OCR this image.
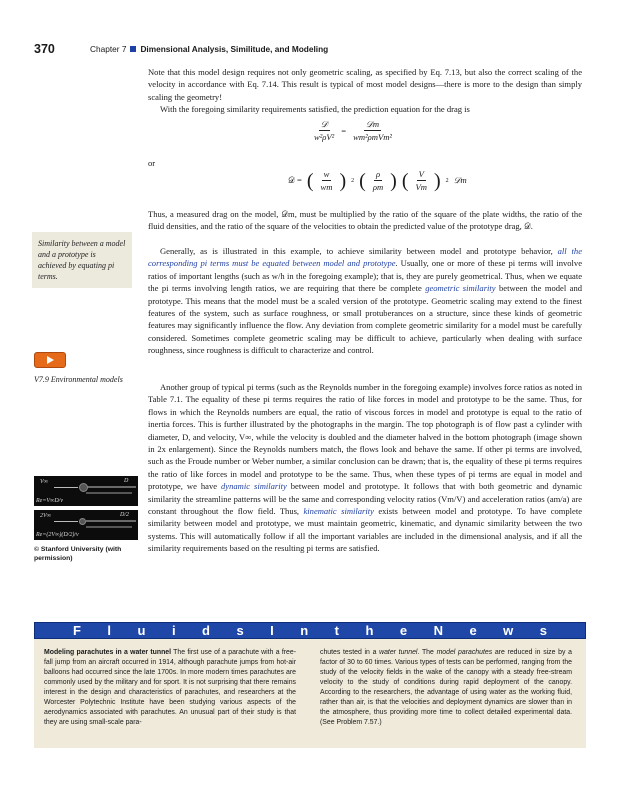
370	Chapter 7 Dimensional Analysis, Similitude, and Modeling

Note that this model design requires not only geometric scaling, as specified by Eq. 7.13, but also the correct scaling of the velocity in accordance with Eq. 7.14. This result is typical of most model designs—there is more to the design than simply scaling the geometry!

With the foregoing similarity requirements satisfied, the prediction equation for the drag is

$\frac{\text{𝒟}}{\text{w²ρV²}} = \frac{\text{𝒟m}}{\text{wm²ρmVm²}}$
or
𝒟 = ( $\frac{w}{wm}$ ) 2 ( $\frac{\rho}{\rho m}$ ) ( $\frac{V}{Vm}$ ) 2 𝒟m

Thus, a measured drag on the model, 𝒟m, must be multiplied by the ratio of the square of the plate widths, the ratio of the fluid densities, and the ratio of the square of the velocities to obtain the predicted value of the prototype drag, 𝒟.

Generally, as is illustrated in this example, to achieve similarity between model and prototype behavior, all the corresponding pi terms must be equated between model and prototype. Usually, one or more of these pi terms will involve ratios of important lengths (such as w/h in the foregoing example); that is, they are purely geometrical. Thus, when we equate the pi terms involving length ratios, we are requiring that there be complete geometric similarity between the model and prototype. This means that the model must be a scaled version of the prototype. Geometric scaling may extend to the finest features of the system, such as surface roughness, or small protuberances on a structure, since these kinds of geometric features may significantly influence the flow. Any deviation from complete geometric similarity for a model must be carefully considered. Sometimes complete geometric scaling may be difficult to achieve, particularly when dealing with surface roughness, since roughness is difficult to characterize and control.

Another group of typical pi terms (such as the Reynolds number in the foregoing example) involves force ratios as noted in Table 7.1. The equality of these pi terms requires the ratio of like forces in model and prototype to be the same. Thus, for flows in which the Reynolds numbers are equal, the ratio of viscous forces in model and prototype is equal to the ratio of inertia forces. This is further illustrated by the photographs in the margin. The top photograph is of flow past a cylinder with diameter, D, and velocity, V∞, while the velocity is doubled and the diameter halved in the bottom photograph (image shown in 2x enlargement). Since the Reynolds numbers match, the flows look and behave the same. If other pi terms are involved, such as the Froude number or Weber number, a similar conclusion can be drawn; that is, the equality of these pi terms requires the ratio of like forces in model and prototype to be the same. Thus, when these types of pi terms are equal in model and prototype, we have dynamic similarity between model and prototype. It follows that with both geometric and dynamic similarity the streamline patterns will be the same and corresponding velocity ratios (Vm/V) and acceleration ratios (am/a) are constant throughout the flow field. Thus, kinematic similarity exists between model and prototype. To have complete similarity between model and prototype, we must maintain geometric, kinematic, and dynamic similarity between the two systems. This will automatically follow if all the important variables are included in the dimensional analysis, and if all the similarity requirements based on the resulting pi terms are satisfied.

Similarity between a model and a prototype is achieved by equating pi terms.
V7.9 Environmental models
V∞	D
Re=V∞D/ν
2V∞	D/2
Re=(2V∞)(D/2)/ν
© Stanford University (with permission)
F l u i d s I n t h e N e w s

Modeling parachutes in a water tunnel The first use of a parachute with a free-fall jump from an aircraft occurred in 1914, although parachute jumps from hot-air balloons had occurred since the late 1700s. In more modern times parachutes are commonly used by the military and for sport. It is not surprising that there remains interest in the design and characteristics of parachutes, and researchers at the Worcester Polytechnic Institute have been studying various aspects of the aerodynamics associated with parachutes. An unusual part of their study is that they are using small-scale para-

chutes tested in a water tunnel. The model parachutes are reduced in size by a factor of 30 to 60 times. Various types of tests can be performed, ranging from the study of the velocity fields in the wake of the canopy with a steady free-stream velocity to the study of conditions during rapid deployment of the canopy. According to the researchers, the advantage of using water as the working fluid, rather than air, is that the velocities and deployment dynamics are slower than in the atmosphere, thus providing more time to collect detailed experimental data. (See Problem 7.57.)
